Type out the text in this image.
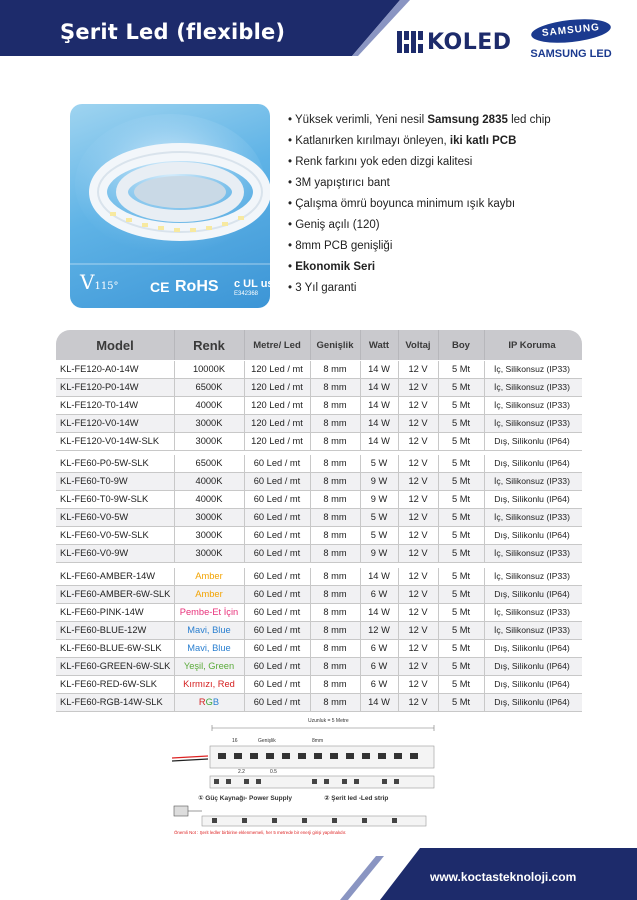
Şerit Led (flexible)	KOLED	SAMSUNG
SAMSUNG LED
V115° CE RoHS c UL us
E342368
• Yüksek verimli, Yeni nesil Samsung 2835 led chip
• Katlanırken kırılmayı önleyen, iki katlı PCB
• Renk farkını yok eden dizgi kalitesi
• 3M yapıştırıcı bant
• Çalışma ömrü boyunca minimum ışık kaybı
• Geniş açılı (120)
• 8mm PCB genişliği
• Ekonomik Seri
• 3 Yıl garanti
Model	Renk	Metre/ Led	Genişlik	Watt	Voltaj	Boy	IP Koruma
KL-FE120-A0-14W	10000K	120 Led / mt	8 mm	14 W	12 V	5 Mt	İç, Silikonsuz (IP33)
KL-FE120-P0-14W	6500K	120 Led / mt	8 mm	14 W	12 V	5 Mt	İç, Silikonsuz (IP33)
KL-FE120-T0-14W	4000K	120 Led / mt	8 mm	14 W	12 V	5 Mt	İç, Silikonsuz (IP33)
KL-FE120-V0-14W	3000K	120 Led / mt	8 mm	14 W	12 V	5 Mt	İç, Silikonsuz (IP33)
KL-FE120-V0-14W-SLK	3000K	120 Led / mt	8 mm	14 W	12 V	5 Mt	Dış, Silikonlu (IP64)
KL-FE60-P0-5W-SLK	6500K	60 Led / mt	8 mm	5 W	12 V	5 Mt	Dış, Silikonlu (IP64)
KL-FE60-T0-9W	4000K	60 Led / mt	8 mm	9 W	12 V	5 Mt	İç, Silikonsuz (IP33)
KL-FE60-T0-9W-SLK	4000K	60 Led / mt	8 mm	9 W	12 V	5 Mt	Dış, Silikonlu (IP64)
KL-FE60-V0-5W	3000K	60 Led / mt	8 mm	5 W	12 V	5 Mt	İç, Silikonsuz (IP33)
KL-FE60-V0-5W-SLK	3000K	60 Led / mt	8 mm	5 W	12 V	5 Mt	Dış, Silikonlu (IP64)
KL-FE60-V0-9W	3000K	60 Led / mt	8 mm	9 W	12 V	5 Mt	İç, Silikonsuz (IP33)
KL-FE60-AMBER-14W	Amber	60 Led / mt	8 mm	14 W	12 V	5 Mt	İç, Silikonsuz (IP33)
KL-FE60-AMBER-6W-SLK	Amber	60 Led / mt	8 mm	6 W	12 V	5 Mt	Dış, Silikonlu (IP64)
KL-FE60-PINK-14W	Pembe-Et İçin	60 Led / mt	8 mm	14 W	12 V	5 Mt	İç, Silikonsuz (IP33)
KL-FE60-BLUE-12W	Mavi, Blue	60 Led / mt	8 mm	12 W	12 V	5 Mt	İç, Silikonsuz (IP33)
KL-FE60-BLUE-6W-SLK	Mavi, Blue	60 Led / mt	8 mm	6 W	12 V	5 Mt	Dış, Silikonlu (IP64)
KL-FE60-GREEN-6W-SLK	Yeşil, Green	60 Led / mt	8 mm	6 W	12 V	5 Mt	Dış, Silikonlu (IP64)
KL-FE60-RED-6W-SLK	Kırmızı, Red	60 Led / mt	8 mm	6 W	12 V	5 Mt	Dış, Silikonlu (IP64)
KL-FE60-RGB-14W-SLK	RGB	60 Led / mt	8 mm	14 W	12 V	5 Mt	Dış, Silikonlu (IP64)
Uzunluk = 5 Metre
16	Genişlik	8mm
2.2	0.5
① Güç Kaynağı- Power Supply	② Şerit led -Led strip
Önemli Not : Şerit ledler birbirine eklenmemeli, her 5 metrede bir enerji girişi yapılmalıdır.
www.koctasteknoloji.com
